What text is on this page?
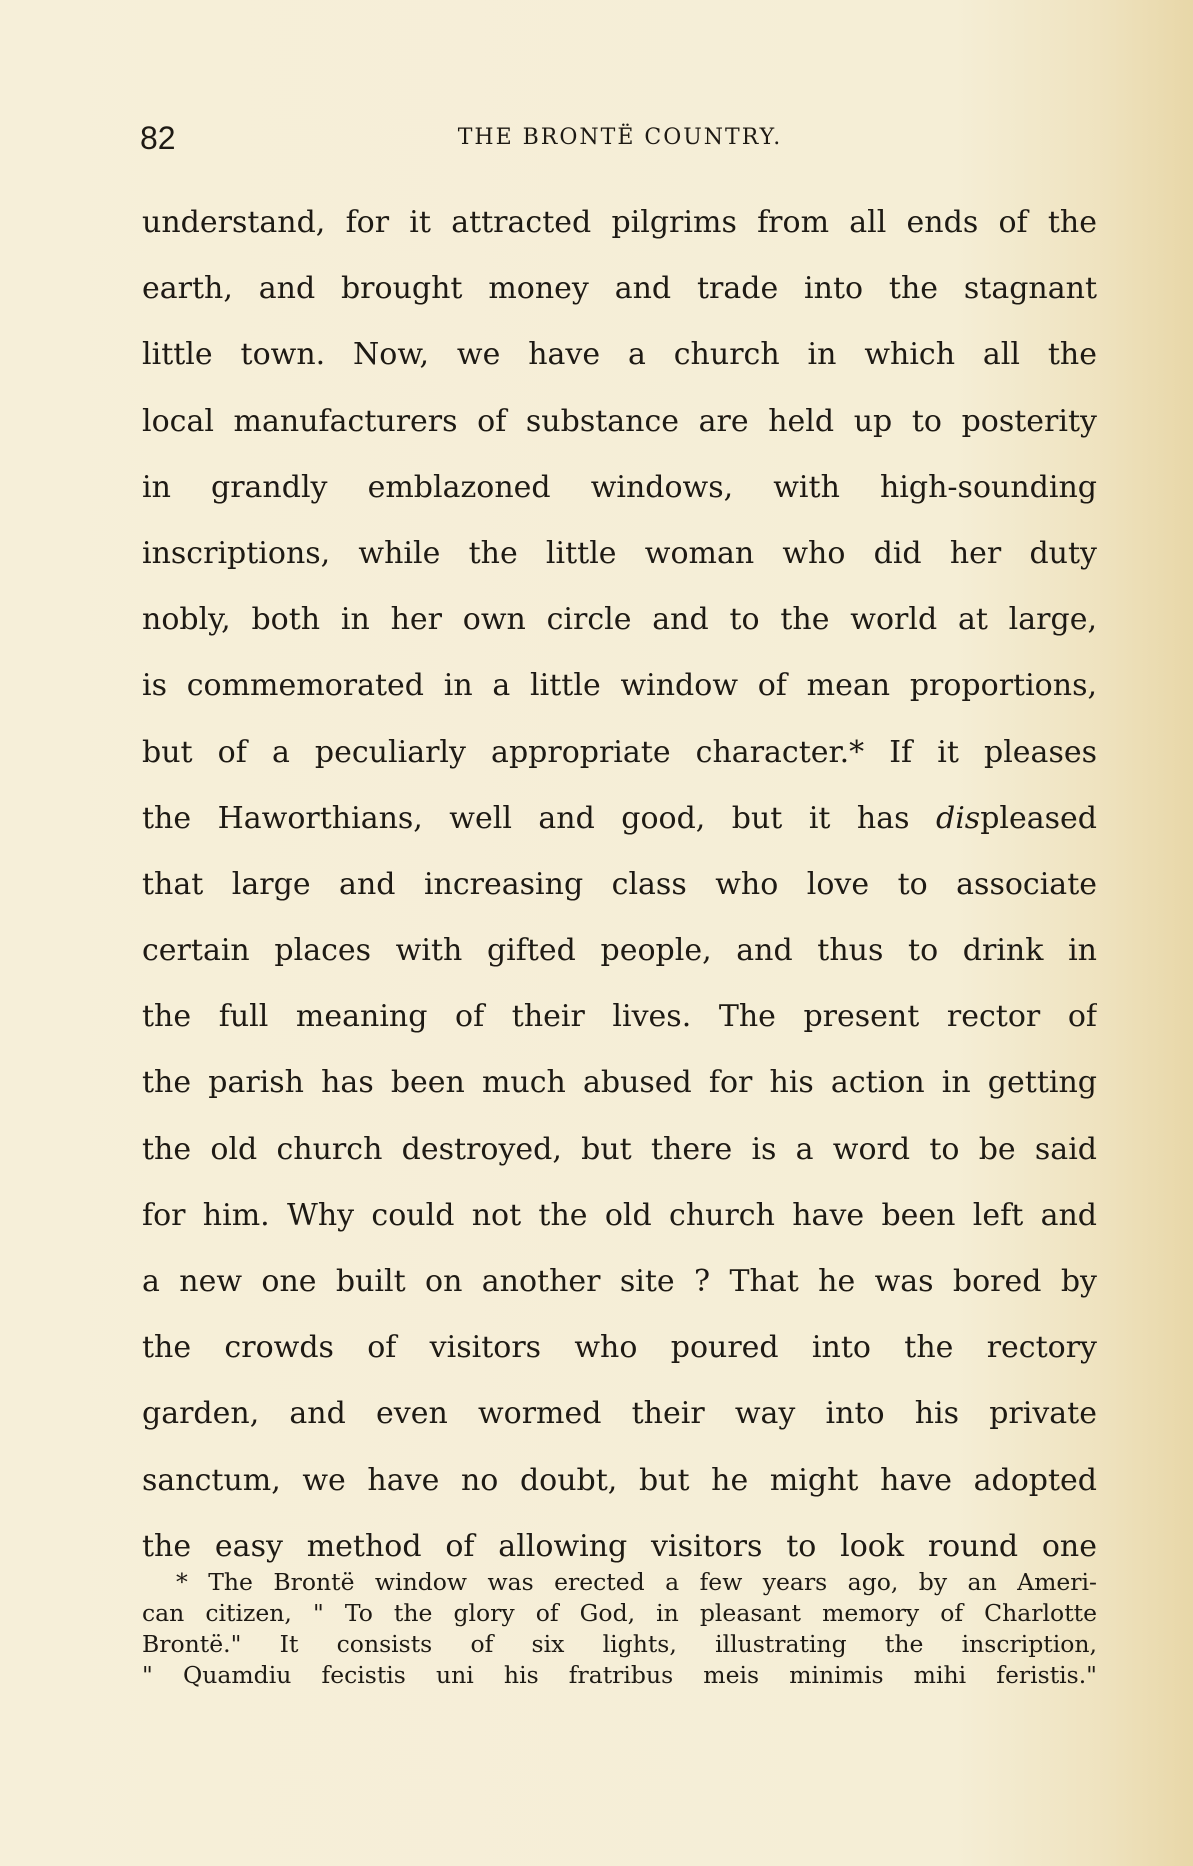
82	THE BRONTË COUNTRY.
understand, for it attracted pilgrims from all ends of the
earth, and brought money and trade into the stagnant
little town. Now, we have a church in which all the
local manufacturers of substance are held up to posterity
in grandly emblazoned windows, with high-sounding
inscriptions, while the little woman who did her duty
nobly, both in her own circle and to the world at large,
is commemorated in a little window of mean proportions,
but of a peculiarly appropriate character.* If it pleases
the Haworthians, well and good, but it has displeased
that large and increasing class who love to associate
certain places with gifted people, and thus to drink in
the full meaning of their lives. The present rector of
the parish has been much abused for his action in getting
the old church destroyed, but there is a word to be said
for him. Why could not the old church have been left and
a new one built on another site ? That he was bored by
the crowds of visitors who poured into the rectory
garden, and even wormed their way into his private
sanctum, we have no doubt, but he might have adopted
the easy method of allowing visitors to look round one
* The Brontë window was erected a few years ago, by an Ameri-
can citizen, " To the glory of God, in pleasant memory of Charlotte
Brontë." It consists of six lights, illustrating the inscription,
" Quamdiu fecistis uni his fratribus meis minimis mihi feristis."
